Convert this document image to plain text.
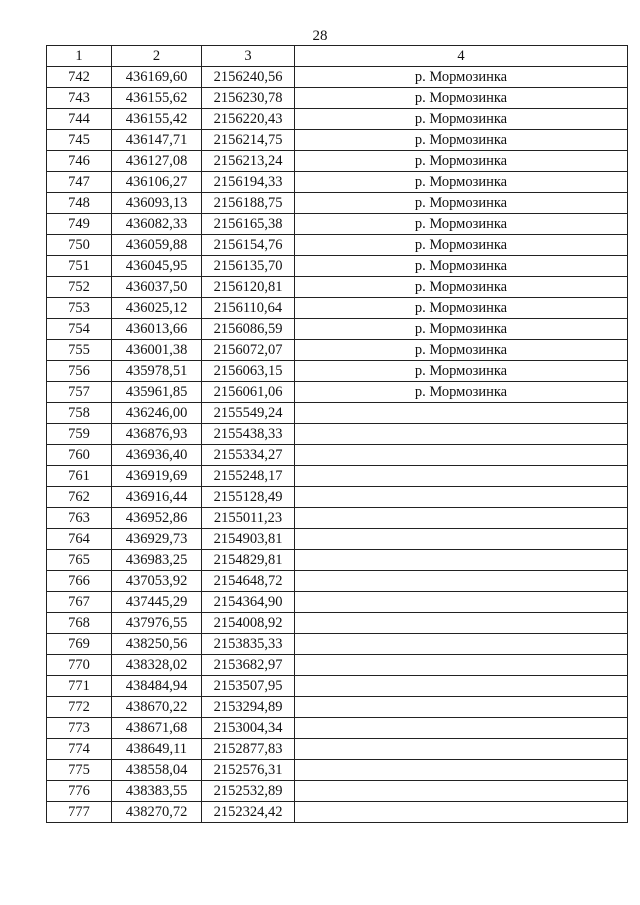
28
1	2	3	4
742	436169,60	2156240,56	р. Мормозинка
743	436155,62	2156230,78	р. Мормозинка
744	436155,42	2156220,43	р. Мормозинка
745	436147,71	2156214,75	р. Мормозинка
746	436127,08	2156213,24	р. Мормозинка
747	436106,27	2156194,33	р. Мормозинка
748	436093,13	2156188,75	р. Мормозинка
749	436082,33	2156165,38	р. Мормозинка
750	436059,88	2156154,76	р. Мормозинка
751	436045,95	2156135,70	р. Мормозинка
752	436037,50	2156120,81	р. Мормозинка
753	436025,12	2156110,64	р. Мормозинка
754	436013,66	2156086,59	р. Мормозинка
755	436001,38	2156072,07	р. Мормозинка
756	435978,51	2156063,15	р. Мормозинка
757	435961,85	2156061,06	р. Мормозинка
758	436246,00	2155549,24	
759	436876,93	2155438,33	
760	436936,40	2155334,27	
761	436919,69	2155248,17	
762	436916,44	2155128,49	
763	436952,86	2155011,23	
764	436929,73	2154903,81	
765	436983,25	2154829,81	
766	437053,92	2154648,72	
767	437445,29	2154364,90	
768	437976,55	2154008,92	
769	438250,56	2153835,33	
770	438328,02	2153682,97	
771	438484,94	2153507,95	
772	438670,22	2153294,89	
773	438671,68	2153004,34	
774	438649,11	2152877,83	
775	438558,04	2152576,31	
776	438383,55	2152532,89	
777	438270,72	2152324,42	
